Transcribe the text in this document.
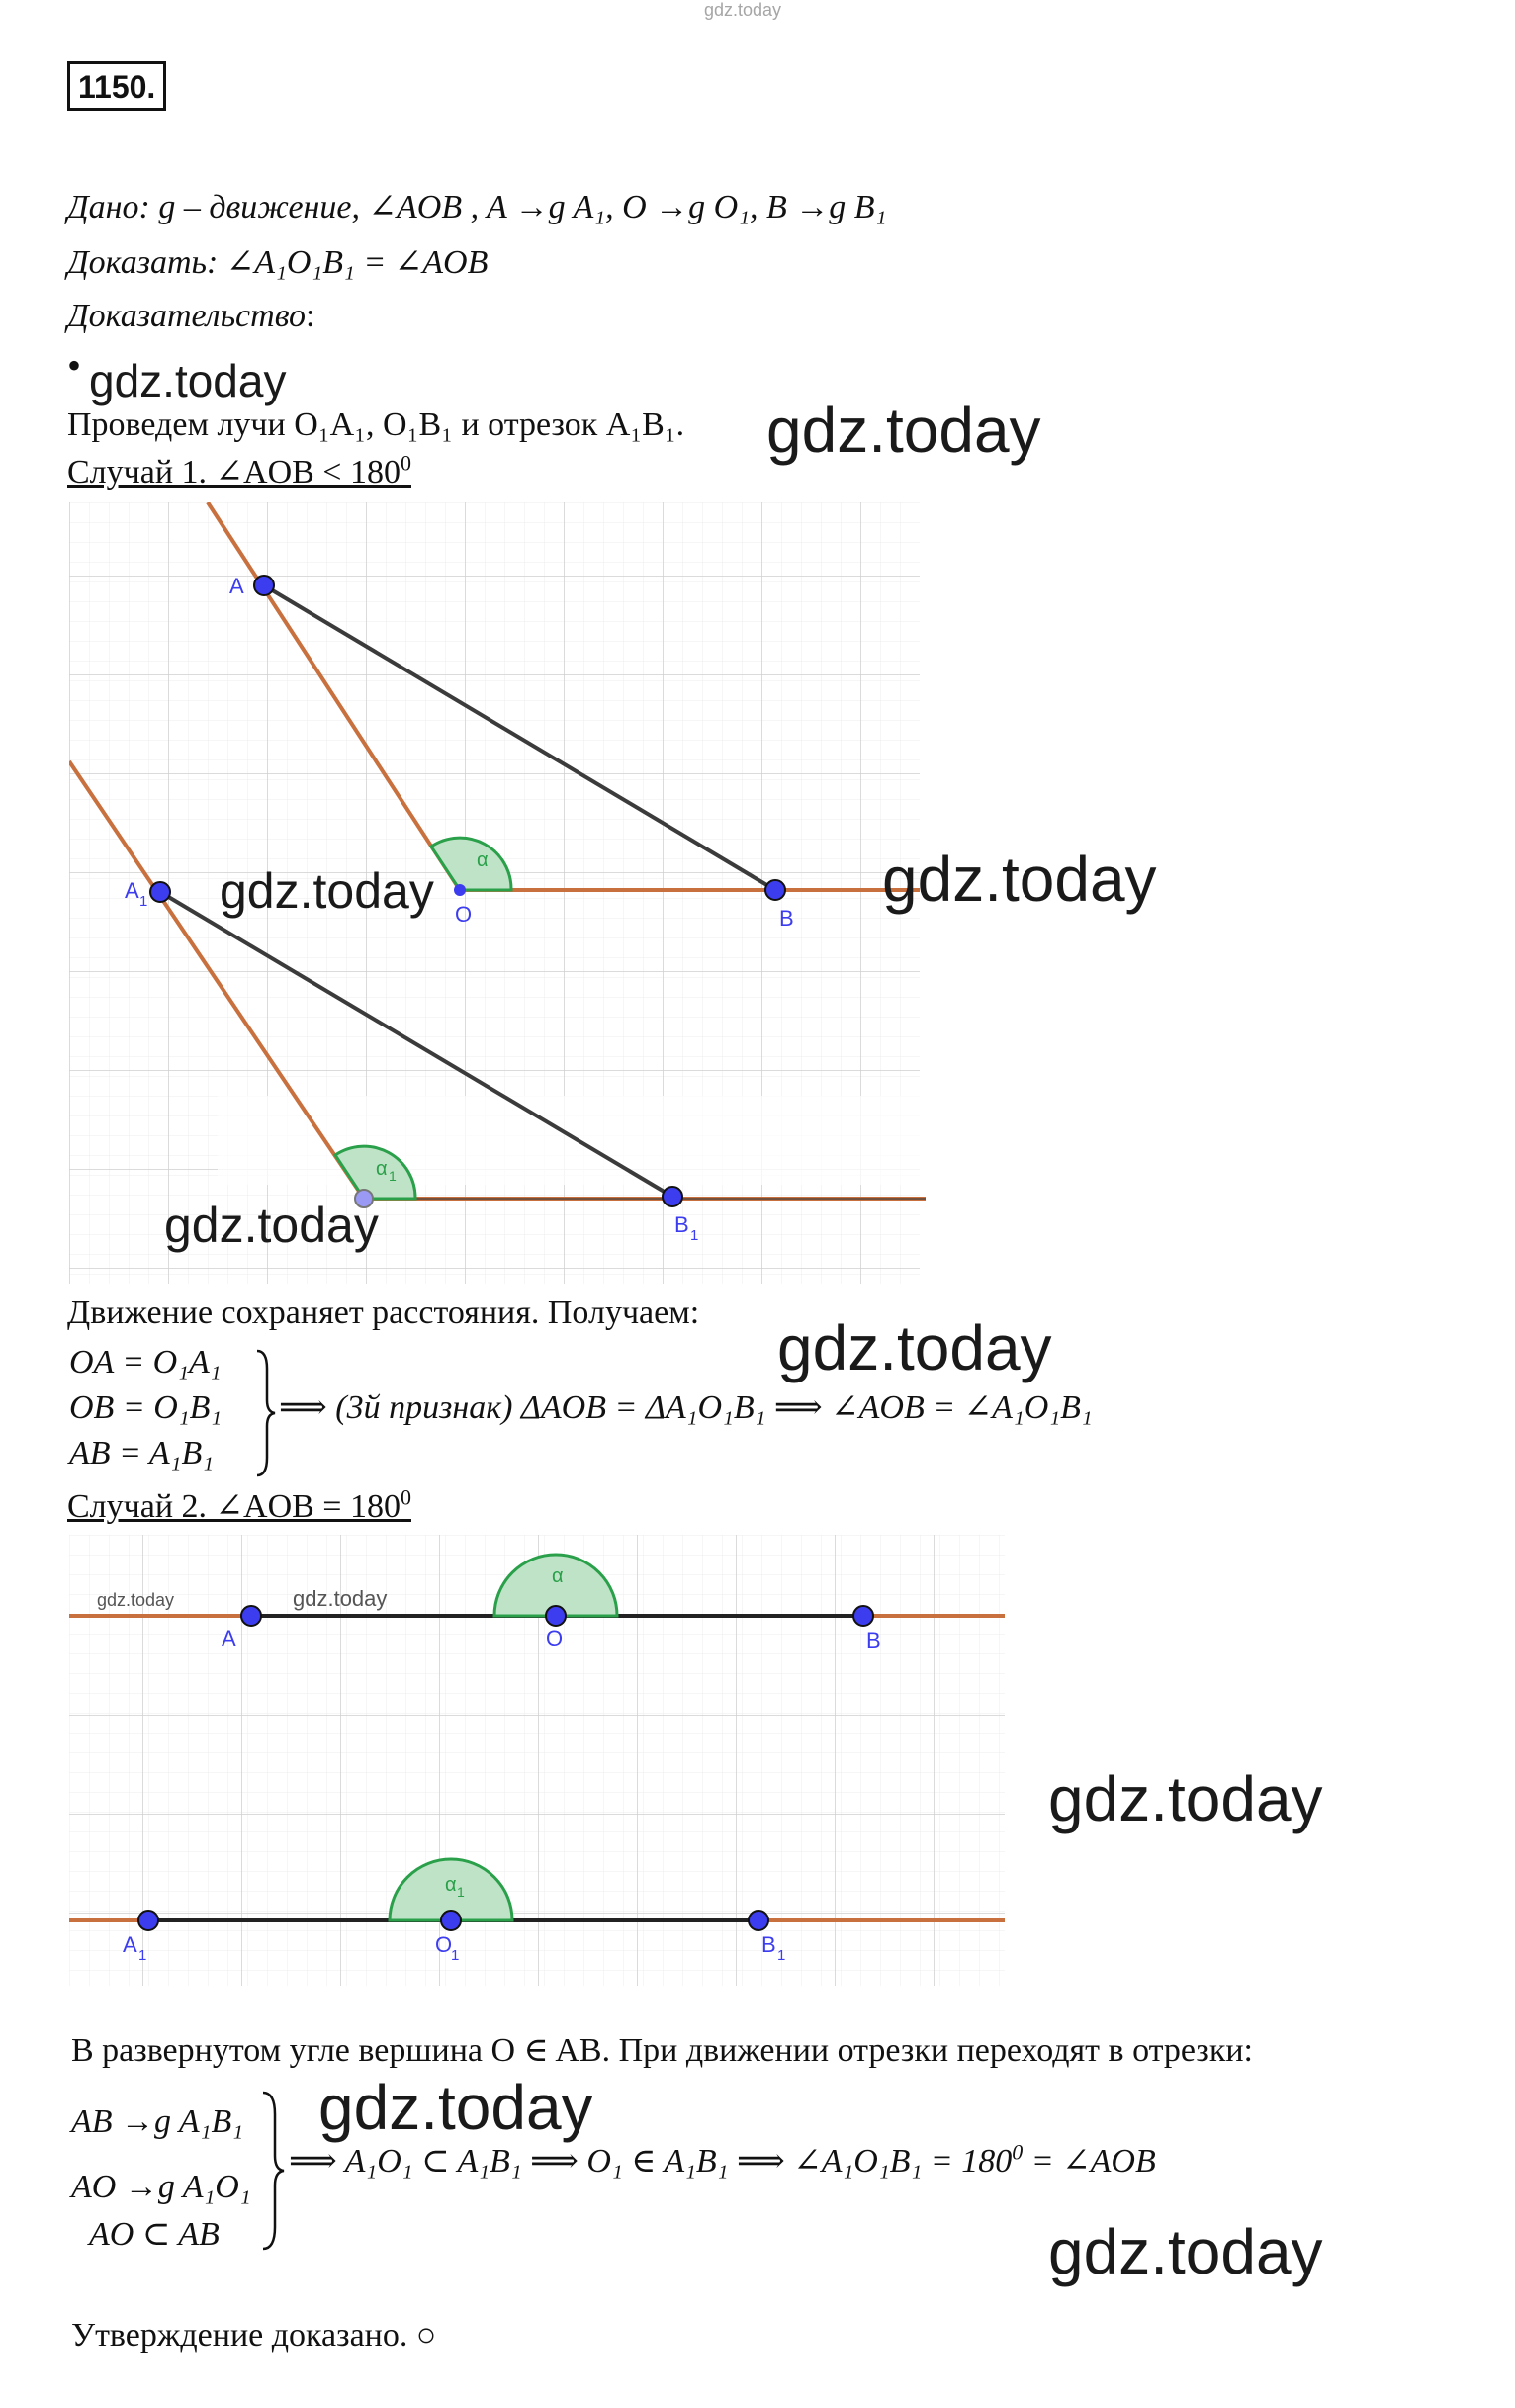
gdz.today
1150.
Дано: g – движение, ∠AOB , A →g A₁, O →g O₁, B →g B₁
Доказать: ∠A₁O₁B₁ = ∠AOB
Доказательство:
• gdz.today
Проведем лучи O₁A₁, O₁B₁ и отрезок A₁B₁. gdz.today
Случай 1. ∠AOB < $180^0$
A
O	B
A 1
B 1
α
α 1
gdz.today	gdz.today
gdz.today
Движение сохраняет расстояния. Получаем: gdz.today
OA = O₁A₁
OB = O₁B₁
AB = A₁B₁
⟹ (3й признак) ΔAOB = ΔA₁O₁B₁ ⟹ ∠AOB = ∠A₁O₁B₁
Случай 2. ∠AOB = $180^0$
A	O	B
α
gdz.today	gdz.today
A 1	O
1	B 1
α 1
gdz.today
В развернутом угле вершина O ∈ AB. При движении отрезки переходят в отрезки:
AB →g A₁B₁
AO →g A₁O₁
AO ⊂ AB
gdz.today
⟹ A₁O₁ ⊂ A₁B₁ ⟹ O₁ ∈ A₁B₁ ⟹ ∠A₁O₁B₁ = $180^0$ = ∠AOB
gdz.today
Утверждение доказано. ○
